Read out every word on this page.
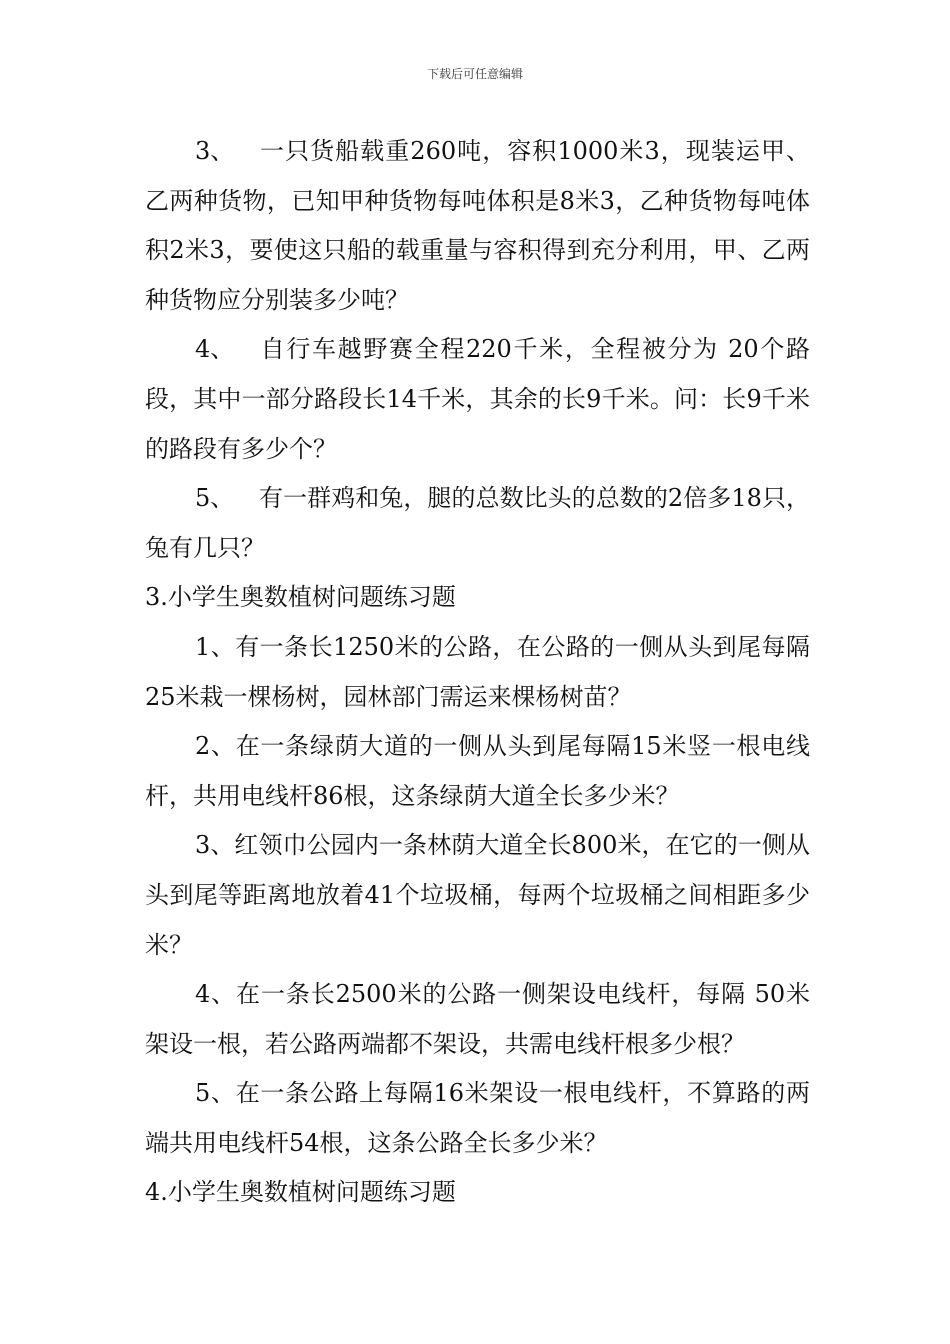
下载后可任意编辑

3、 一只货船载重260吨，容积1000米3，现装运甲、乙两种货物，已知甲种货物每吨体积是8米3，乙种货物每吨体积2米3，要使这只船的载重量与容积得到充分利用，甲、乙两种货物应分别装多少吨？

4、 自行车越野赛全程220千米，全程被分为 20个路段，其中一部分路段长14千米，其余的长9千米。问：长9千米的路段有多少个？

5、 有一群鸡和兔，腿的总数比头的总数的2倍多18只，兔有几只？

3.小学生奥数植树问题练习题

1、有一条长1250米的公路，在公路的一侧从头到尾每隔25米栽一棵杨树，园林部门需运来棵杨树苗？

2、在一条绿荫大道的一侧从头到尾每隔15米竖一根电线杆，共用电线杆86根，这条绿荫大道全长多少米？

3、红领巾公园内一条林荫大道全长800米，在它的一侧从头到尾等距离地放着41个垃圾桶，每两个垃圾桶之间相距多少米？

4、在一条长2500米的公路一侧架设电线杆，每隔 50米架设一根，若公路两端都不架设，共需电线杆根多少根？

5、在一条公路上每隔16米架设一根电线杆，不算路的两端共用电线杆54根，这条公路全长多少米？

4.小学生奥数植树问题练习题
